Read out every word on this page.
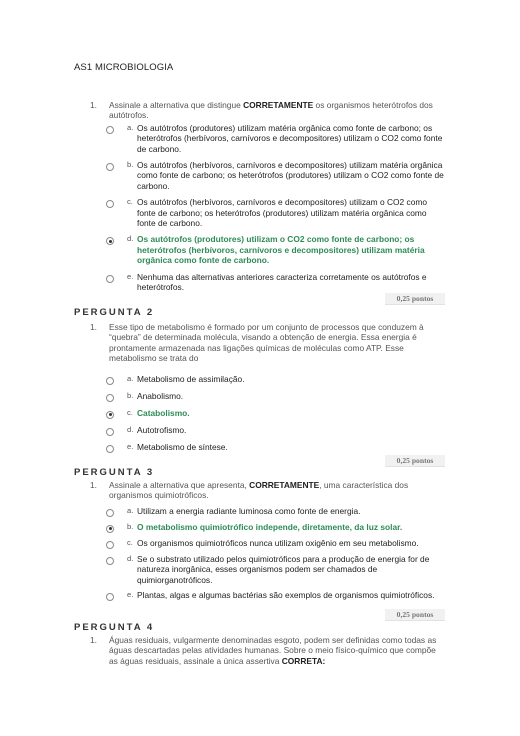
AS1 MICROBIOLOGIA
1.	Assinale a alternativa que distingue CORRETAMENTE os organismos heterótrofos dos autótrofos.
a. Os autótrofos (produtores) utilizam matéria orgânica como fonte de carbono; os heterótrofos (herbívoros, carnívoros e decompositores) utilizam o CO2 como fonte de carbono.
b. Os autótrofos (herbívoros, carnívoros e decompositores) utilizam matéria orgânica como fonte de carbono; os heterótrofos (produtores) utilizam o CO2 como fonte de carbono.
c. Os autótrofos (herbívoros, carnívoros e decompositores) utilizam o CO2 como fonte de carbono; os heterótrofos (produtores) utilizam matéria orgânica como fonte de carbono.
d. Os autótrofos (produtores) utilizam o CO2 como fonte de carbono; os heterótrofos (herbívoros, carnívoros e decompositores) utilizam matéria orgânica como fonte de carbono.
e. Nenhuma das alternativas anteriores caracteriza corretamente os autótrofos e heterótrofos.
0,25 pontos
PERGUNTA 2
1.	Esse tipo de metabolismo é formado por um conjunto de processos que conduzem à “quebra” de determinada molécula, visando a obtenção de energia. Essa energia é prontamente armazenada nas ligações químicas de moléculas como ATP. Esse metabolismo se trata do
a. Metabolismo de assimilação.
b. Anabolismo.
c. Catabolismo.
d. Autotrofismo.
e. Metabolismo de síntese.
0,25 pontos
PERGUNTA 3
1.	Assinale a alternativa que apresenta, CORRETAMENTE, uma característica dos organismos quimiotróficos.
a. Utilizam a energia radiante luminosa como fonte de energia.
b. O metabolismo quimiotrófico independe, diretamente, da luz solar.
c. Os organismos quimiotróficos nunca utilizam oxigênio em seu metabolismo.
d. Se o substrato utilizado pelos quimiotróficos para a produção de energia for de natureza inorgânica, esses organismos podem ser chamados de quimiorganotróficos.
e. Plantas, algas e algumas bactérias são exemplos de organismos quimiotróficos.
0,25 pontos
PERGUNTA 4
1.	Águas residuais, vulgarmente denominadas esgoto, podem ser definidas como todas as águas descartadas pelas atividades humanas. Sobre o meio físico-químico que compõe as águas residuais, assinale a única assertiva CORRETA:
